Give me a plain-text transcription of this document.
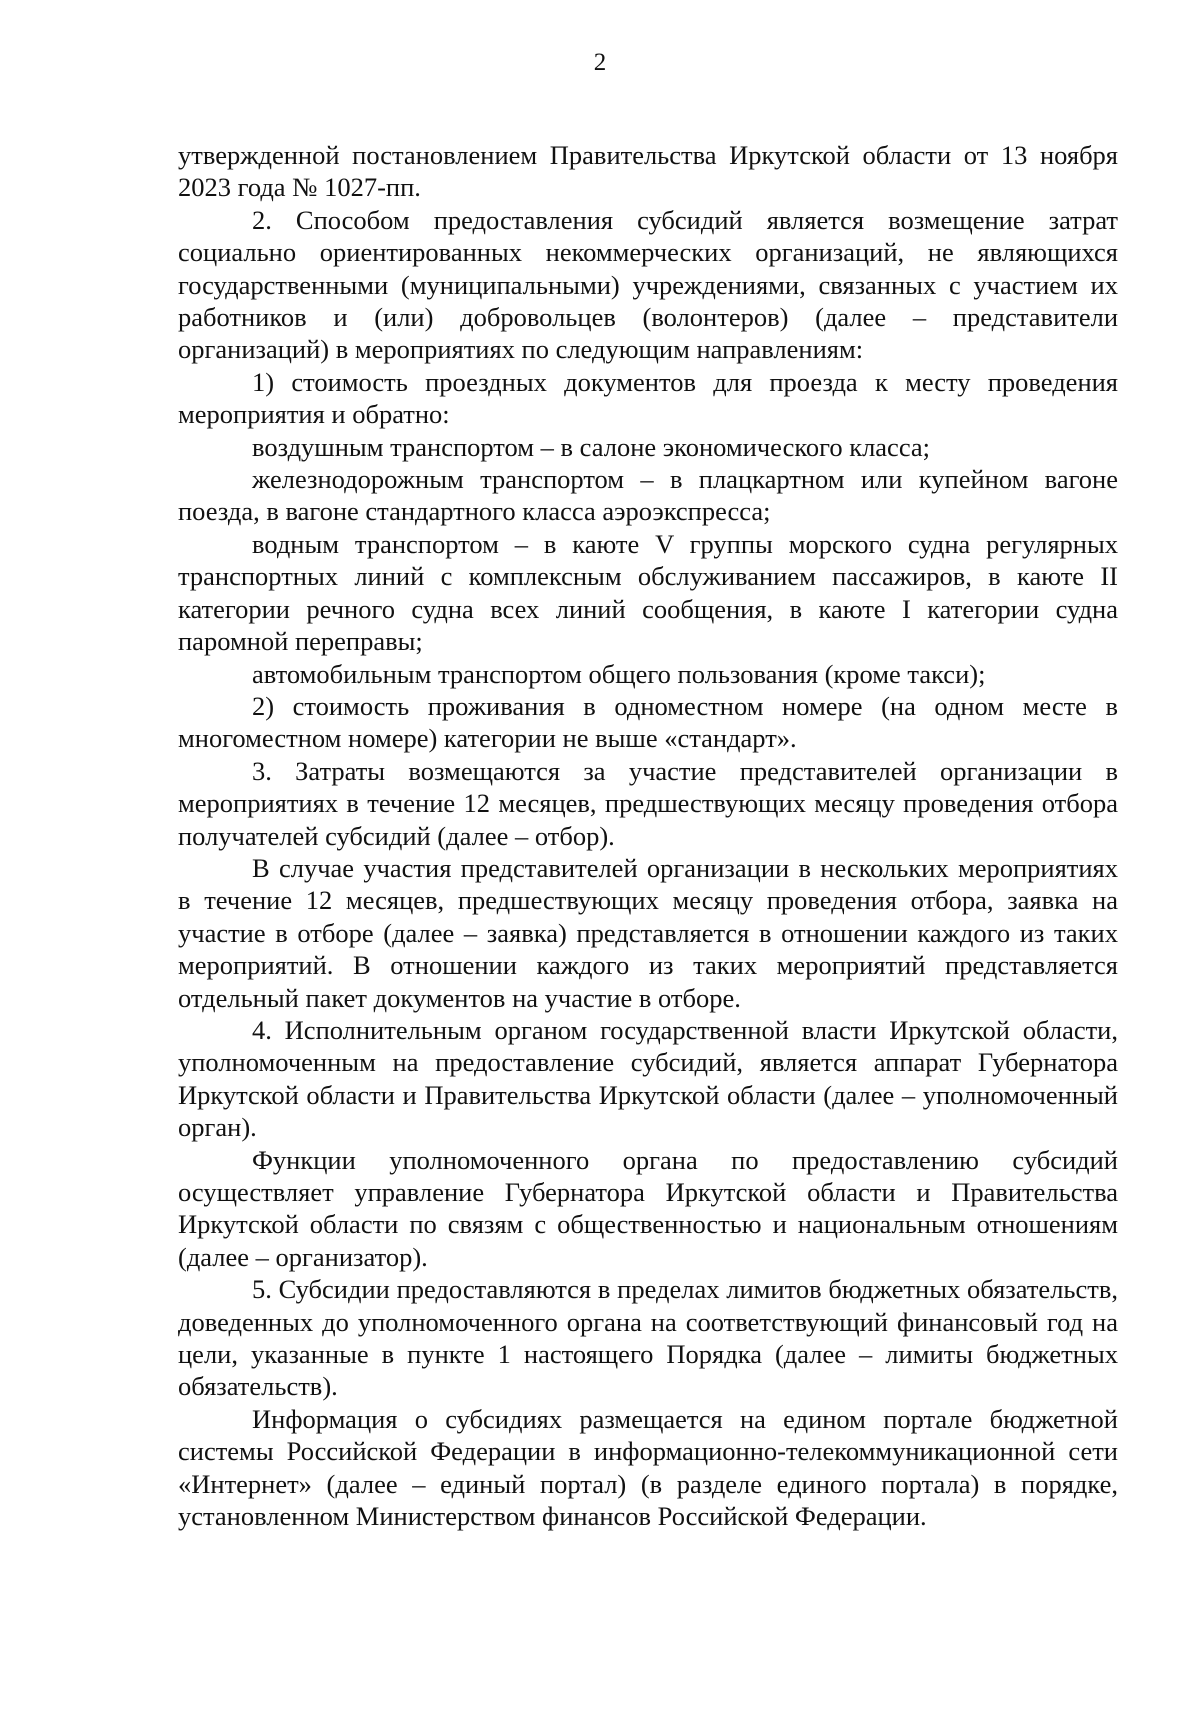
2

утвержденной постановлением Правительства Иркутской области от 13 ноября 2023 года № 1027-пп.

2. Способом предоставления субсидий является возмещение затрат социально ориентированных некоммерческих организаций, не являющихся государственными (муниципальными) учреждениями, связанных с участием их работников и (или) добровольцев (волонтеров) (далее – представители организаций) в мероприятиях по следующим направлениям:

1) стоимость проездных документов для проезда к месту проведения мероприятия и обратно:

воздушным транспортом – в салоне экономического класса;

железнодорожным транспортом – в плацкартном или купейном вагоне поезда, в вагоне стандартного класса аэроэкспресса;

водным транспортом – в каюте V группы морского судна регулярных транспортных линий с комплексным обслуживанием пассажиров, в каюте II категории речного судна всех линий сообщения, в каюте I категории судна паромной переправы;

автомобильным транспортом общего пользования (кроме такси);

2) стоимость проживания в одноместном номере (на одном месте в многоместном номере) категории не выше «стандарт».

3. Затраты возмещаются за участие представителей организации в мероприятиях в течение 12 месяцев, предшествующих месяцу проведения отбора получателей субсидий (далее – отбор).

В случае участия представителей организации в нескольких мероприятиях в течение 12 месяцев, предшествующих месяцу проведения отбора, заявка на участие в отборе (далее – заявка) представляется в отношении каждого из таких мероприятий. В отношении каждого из таких мероприятий представляется отдельный пакет документов на участие в отборе.

4. Исполнительным органом государственной власти Иркутской области, уполномоченным на предоставление субсидий, является аппарат Губернатора Иркутской области и Правительства Иркутской области (далее – уполномоченный орган).

Функции уполномоченного органа по предоставлению субсидий осуществляет управление Губернатора Иркутской области и Правительства Иркутской области по связям с общественностью и национальным отношениям (далее – организатор).

5. Субсидии предоставляются в пределах лимитов бюджетных обязательств, доведенных до уполномоченного органа на соответствующий финансовый год на цели, указанные в пункте 1 настоящего Порядка (далее – лимиты бюджетных обязательств).

Информация о субсидиях размещается на едином портале бюджетной системы Российской Федерации в информационно-телекоммуникационной сети «Интернет» (далее – единый портал) (в разделе единого портала) в порядке, установленном Министерством финансов Российской Федерации.
